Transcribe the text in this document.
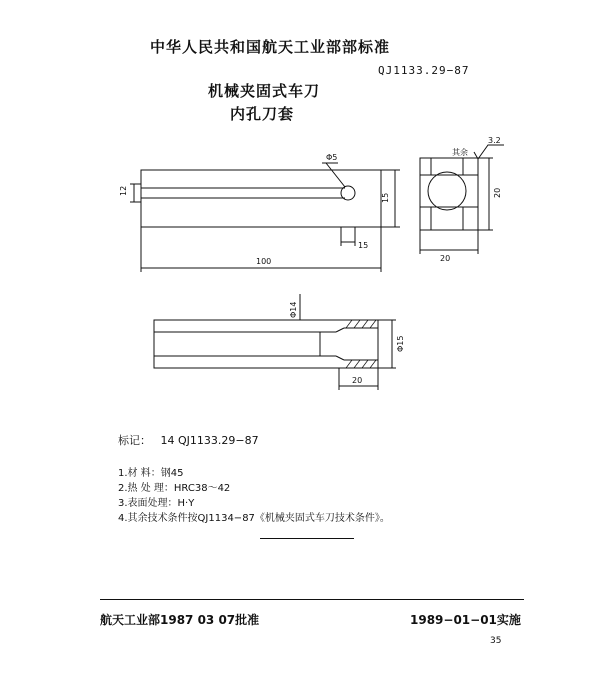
中华人民共和国航天工业部部标准
QJ1133.29−87
机械夹固式车刀
内孔刀套
Φ5
12
15
15
100	20
20
Φ14
Φ15
20
其余
3.2
标记： 14 QJ1133.29−87
1.材 料：钢45
2.热 处 理：HRC38～42
3.表面处理：H·Y
4.其余技术条件按QJ1134−87《机械夹固式车刀技术条件》。
航天工业部1987 03 07批准	1989−01−01实施
35
